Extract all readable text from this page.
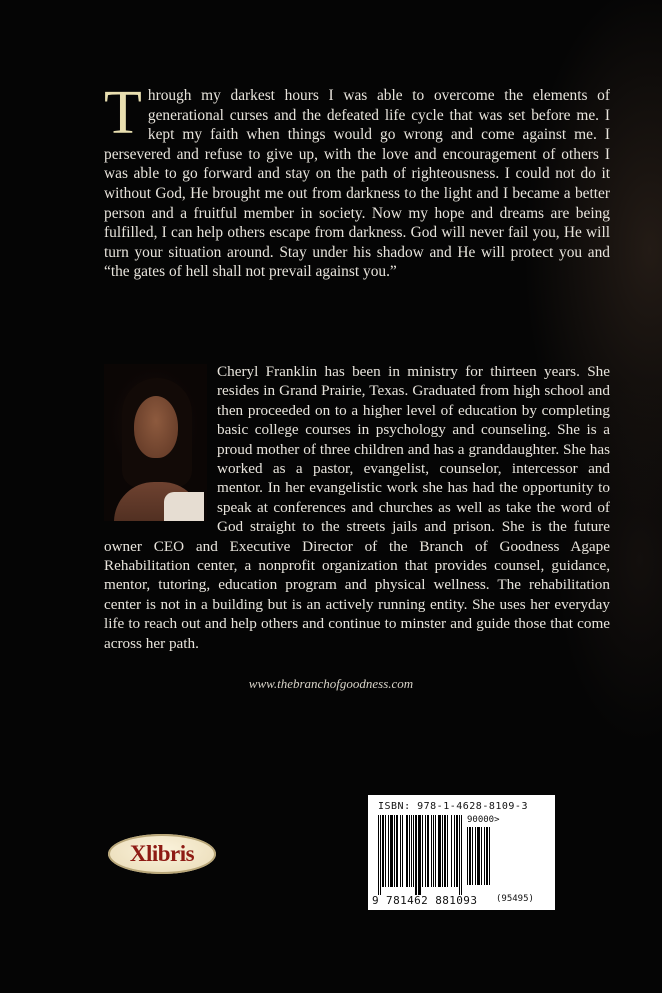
Through my darkest hours I was able to overcome the elements of generational curses and the defeated life cycle that was set before me. I kept my faith when things would go wrong and come against me. I persevered and refuse to give up, with the love and encouragement of others I was able to go forward and stay on the path of righteousness. I could not do it without God, He brought me out from darkness to the light and I became a better person and a fruitful member in society. Now my hope and dreams are being fulfilled, I can help others escape from darkness. God will never fail you, He will turn your situation around. Stay under his shadow and He will protect you and “the gates of hell shall not prevail against you.”
Cheryl Franklin has been in ministry for thirteen years. She resides in Grand Prairie, Texas. Graduated from high school and then proceeded on to a higher level of education by completing basic college courses in psychology and counseling. She is a proud mother of three children and has a granddaughter. She has worked as a pastor, evangelist, counselor, intercessor and mentor. In her evangelistic work she has had the opportunity to speak at conferences and churches as well as take the word of God straight to the streets jails and prison. She is the future owner CEO and Executive Director of the Branch of Goodness Agape Rehabilitation center, a nonprofit organization that provides counsel, guidance, mentor, tutoring, education program and physical wellness. The rehabilitation center is not in a building but is an actively running entity. She uses her everyday life to reach out and help others and continue to minster and guide those that come across her path.
www.thebranchofgoodness.com
Xlibris
ISBN: 978-1-4628-8109-3
90000>
9 781462 881093 (95495)
